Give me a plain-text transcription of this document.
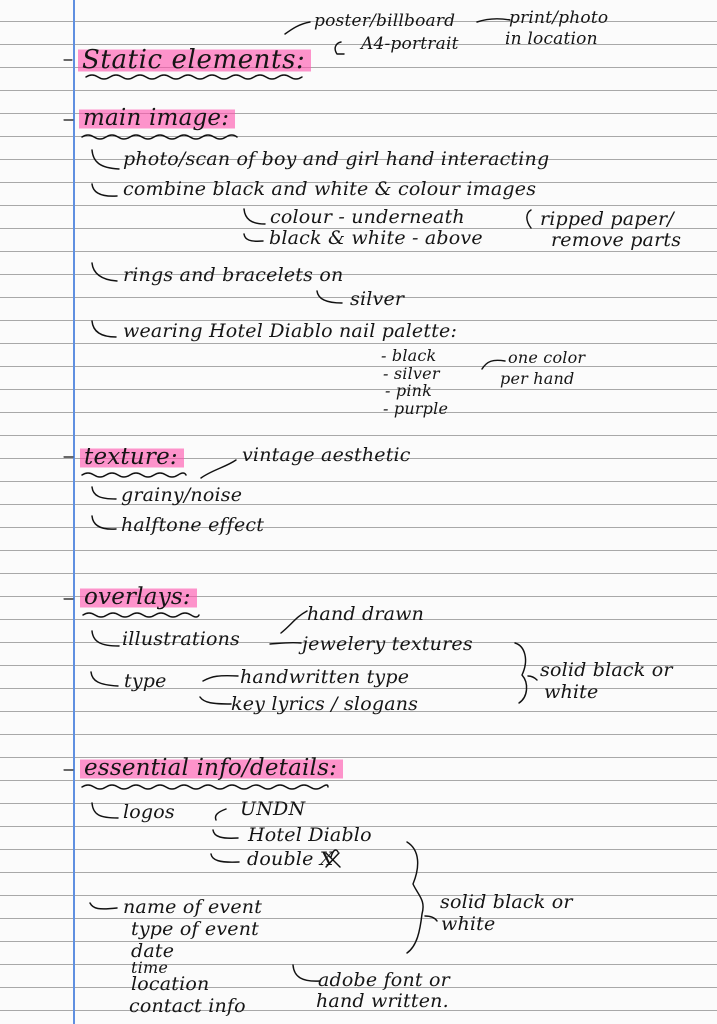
Static elements:
poster/billboard	print/photo
in location
A4-portrait
main image:
photo/scan of boy and girl hand interacting
combine black and white & colour images
colour - underneath
black & white - above
ripped paper/
remove parts
rings and bracelets on
silver
wearing Hotel Diablo nail palette:
- black
- silver
- pink
- purple
one color
per hand
texture:	vintage aesthetic
grainy/noise
halftone effect
overlays:
hand drawn
illustrations	jewelery textures
type	handwritten type
key lyrics / slogans
solid black or
white
essential info/details:
logos	UNDN
Hotel Diablo
double X
name of event
type of event
date
time
location
contact info
solid black or
white
adobe font or
hand written.
